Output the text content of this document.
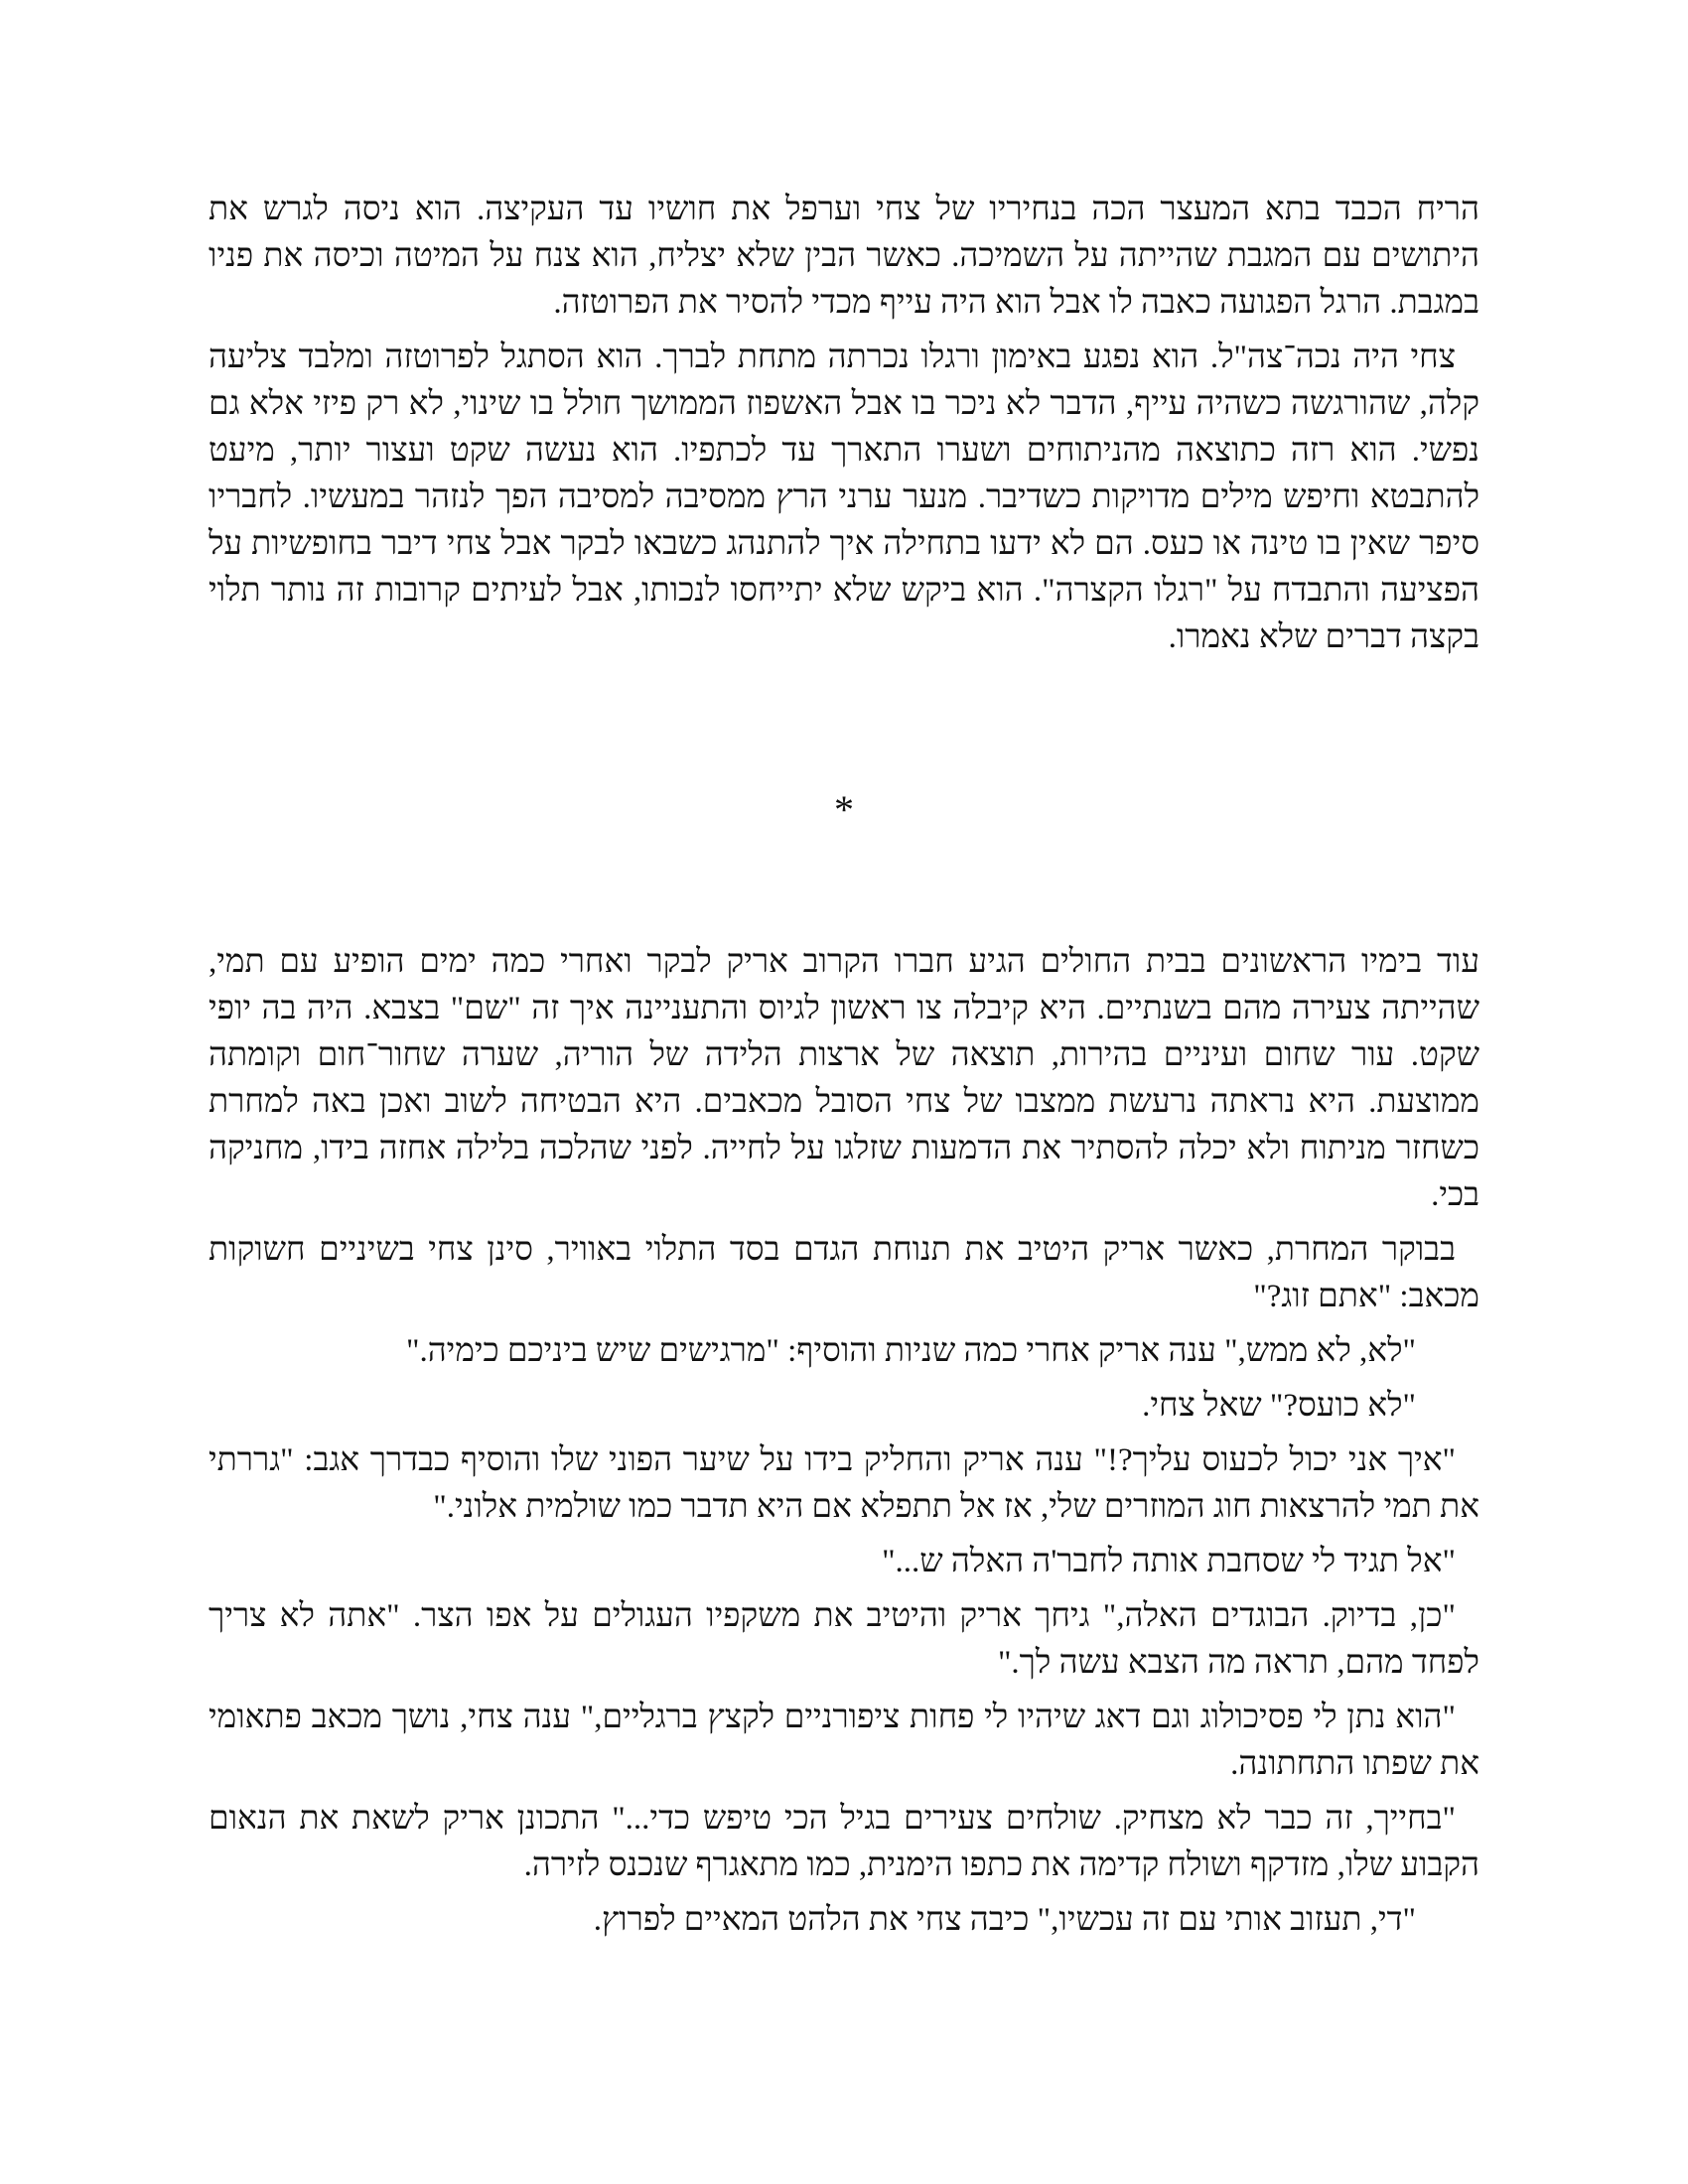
הריח הכבד בתא המעצר הכה בנחיריו של צחי וערפל את חושיו עד העקיצה. הוא ניסה לגרש את היתושים עם המגבת שהייתה על השמיכה. כאשר הבין שלא יצליח, הוא צנח על המיטה וכיסה את פניו במגבת. הרגל הפגועה כאבה לו אבל הוא היה עייף מכדי להסיר את הפרוטזה.

צחי היה נכה־צה"ל. הוא נפגע באימון ורגלו נכרתה מתחת לברך. הוא הסתגל לפרוטזה ומלבד צליעה קלה, שהורגשה כשהיה עייף, הדבר לא ניכר בו אבל האשפוז הממושך חולל בו שינוי, לא רק פיזי אלא גם נפשי. הוא רזה כתוצאה מהניתוחים ושערו התארך עד לכתפיו. הוא נעשה שקט ועצור יותר, מיעט להתבטא וחיפש מילים מדויקות כשדיבר. מנער ערני הרץ ממסיבה למסיבה הפך לנזהר במעשיו. לחבריו סיפר שאין בו טינה או כעס. הם לא ידעו בתחילה איך להתנהג כשבאו לבקר אבל צחי דיבר בחופשיות על הפציעה והתבדח על "רגלו הקצרה". הוא ביקש שלא יתייחסו לנכותו, אבל לעיתים קרובות זה נותר תלוי בקצה דברים שלא נאמרו.

*

עוד בימיו הראשונים בבית החולים הגיע חברו הקרוב אריק לבקר ואחרי כמה ימים הופיע עם תמי, שהייתה צעירה מהם בשנתיים. היא קיבלה צו ראשון לגיוס והתעניינה איך זה "שם" בצבא. היה בה יופי שקט. עור שחום ועיניים בהירות, תוצאה של ארצות הלידה של הוריה, שערה שחור־חום וקומתה ממוצעת. היא נראתה נרעשת ממצבו של צחי הסובל מכאבים. היא הבטיחה לשוב ואכן באה למחרת כשחזר מניתוח ולא יכלה להסתיר את הדמעות שזלגו על לחייה. לפני שהלכה בלילה אחזה בידו, מחניקה בכי.

בבוקר המחרת, כאשר אריק היטיב את תנוחת הגדם בסד התלוי באוויר, סינן צחי בשיניים חשוקות מכאב: "אתם זוג?"

"לא, לא ממש," ענה אריק אחרי כמה שניות והוסיף: "מרגישים שיש ביניכם כימיה."

"לא כועס?" שאל צחי.

"איך אני יכול לכעוס עליך?!" ענה אריק והחליק בידו על שיער הפוני שלו והוסיף כבדרך אגב: "גררתי את תמי להרצאות חוג המוזרים שלי, אז אל תתפלא אם היא תדבר כמו שולמית אלוני."

"אל תגיד לי שסחבת אותה לחבר'ה האלה ש..."

"כן, בדיוק. הבוגדים האלה," גיחך אריק והיטיב את משקפיו העגולים על אפו הצר. "אתה לא צריך לפחד מהם, תראה מה הצבא עשה לך."

"הוא נתן לי פסיכולוג וגם דאג שיהיו לי פחות ציפורניים לקצץ ברגליים," ענה צחי, נושך מכאב פתאומי את שפתו התחתונה.

"בחייך, זה כבר לא מצחיק. שולחים צעירים בגיל הכי טיפש כדי..." התכונן אריק לשאת את הנאום הקבוע שלו, מזדקף ושולח קדימה את כתפו הימנית, כמו מתאגרף שנכנס לזירה.

"די, תעזוב אותי עם זה עכשיו," כיבה צחי את הלהט המאיים לפרוץ.
